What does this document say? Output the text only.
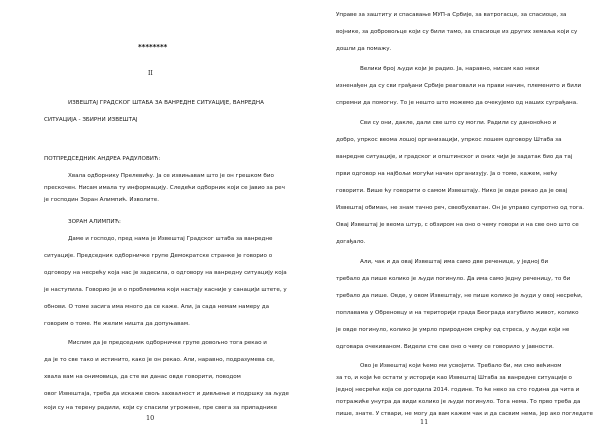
********
II
ИЗВЕШТАЈ ГРАДСКОГ ШТАБА ЗА ВАНРЕДНЕ СИТУАЦИЈЕ, ВАНРЕДНА
СИТУАЦИЈА - ЗБИРНИ ИЗВЕШТАЈ
ПОТПРЕДСЕДНИК АНДРЕА РАДУЛОВИЋ:
Хвала одборнику Прелевићу. Ја се извињавам што је он грешком био
прескочен. Нисам имала ту информацију. Следећи одборник који се јавио за реч
је господин Зоран Алимпић. Изволите.
ЗОРАН АЛИМПИЋ:
Даме и господо, пред нама је Извештај Градског штаба за ванредне
ситуације. Председник одборничке групе Демократске странке је говорио о
одговору на несрећу која нас је задесила, о одговору на ванредну ситуацију која
је наступила. Говорио је и о проблемима који настају касније у санацији штете, у
обнови. О томе засига има много да се каже. Али, ја сада немам намеру да
говорим о томе. Не желим ништа да допуњавам.
Мислим да је председник одборничке групе довољно тога рекао и
да је то све тако и истинито, како је он рекао. Али, наравно, подразумева се,
хвала вам на онимовица, да сте ви данас овде говорити, поводом
овог Извештаја, треба да искаже свољ захвалност и дивљење и подршку за људе
који су на терену радили, који су спасили угрожене, пре свега за припаднике
10
Управе за заштиту и спасавање МУП-а Србије, за ватрогасце, за спасиоце, за
војнике, за добровољце који су били тамо, за спасиоце из других земаља који су
дошли да помажу.
Велики број људи који је радио. Ја, наравно, нисам као неки
изненађен да су сви грађани Србије реаговали на прави начин, племенито и били
спремни да помогну. То је нешто што можемо да очекујемо од наших суграђана.
Сви су они, дакле, дали све што су могли. Радили су даноноћно и
добро, упркос веома лошој организацији, упркос лошем одговору Штаба за
ванредне ситуације, и градског и општинског и оних чији је задатак био да тај
први одговор на најбољи могући начин организују. Ја о томе, кажем, нећу
говорити. Више ћу говорити о самом Извештају. Нико је овде рекао да је овај
Извештај обиман, не знам тачно реч, свеобухватан. Он је управо супротно од тога.
Овај Извештај је веома штур, с обзиром на оно о чему говори и на све оно што се
догађало.
Али, чак и да овај Извештај има само две реченице, у једној би
требало да пише колико је људи погинуло. Да има само једну реченицу, то би
требало да пише. Овде, у овом Извештају, не пише колико је људи у овој несрећи,
поплавама у Обреновцу и на територији града Београда изгубило живот, колико
је овде погинуло, колико је умрло природном смрћу од стреса, у људи који не
одговара очекиваном. Видели сте све оно о чему се говорило у јавности.
Ово је Извештај који ћемо ми усвојити. Требало би, ми смо већином
за то, и који ће остати у историји као Извештај Штаба за ванредне ситуације о
једној несрећи која се догодила 2014. године. То ће неко за сто година да чита и
потражиће унутра да види колико је људи погинуло. Тога нема. То прво треба да
пише, знате. У ствари, не могу да вам кажем чак и да сасвим нема, јер ако погледате
11
